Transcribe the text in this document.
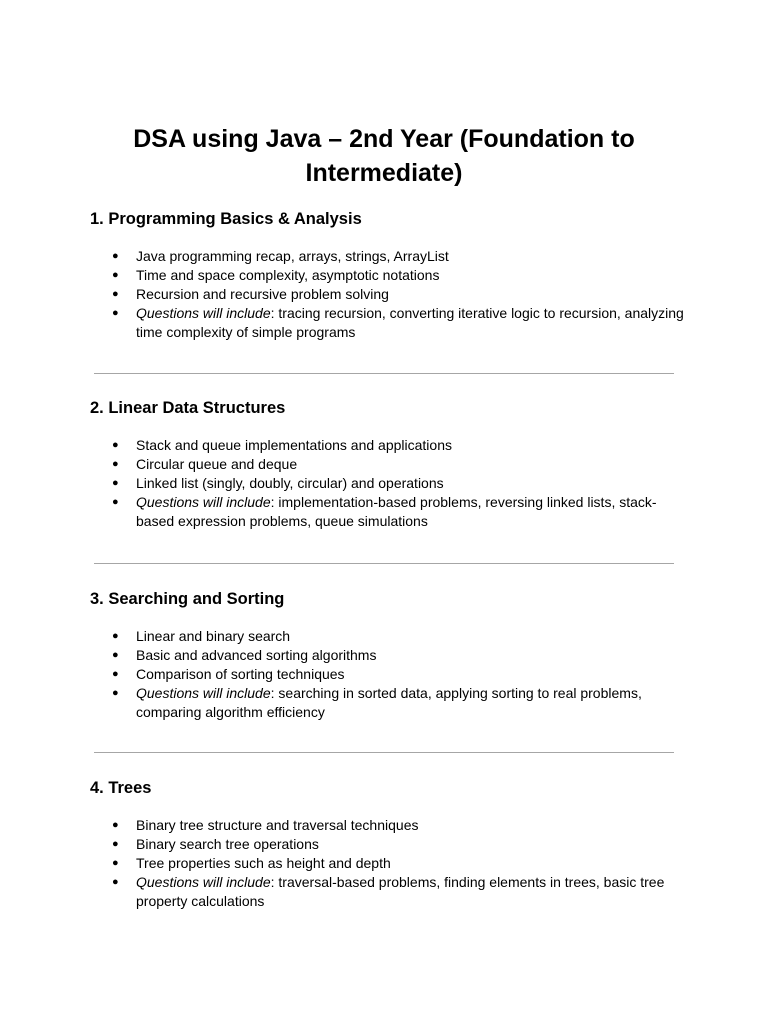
DSA using Java – 2nd Year (Foundation to Intermediate)
1. Programming Basics & Analysis
● Java programming recap, arrays, strings, ArrayList
● Time and space complexity, asymptotic notations
● Recursion and recursive problem solving
● Questions will include: tracing recursion, converting iterative logic to recursion, analyzing time complexity of simple programs
2. Linear Data Structures
● Stack and queue implementations and applications
● Circular queue and deque
● Linked list (singly, doubly, circular) and operations
● Questions will include: implementation-based problems, reversing linked lists, stack-based expression problems, queue simulations
3. Searching and Sorting
● Linear and binary search
● Basic and advanced sorting algorithms
● Comparison of sorting techniques
● Questions will include: searching in sorted data, applying sorting to real problems, comparing algorithm efficiency
4. Trees
● Binary tree structure and traversal techniques
● Binary search tree operations
● Tree properties such as height and depth
● Questions will include: traversal-based problems, finding elements in trees, basic tree property calculations
